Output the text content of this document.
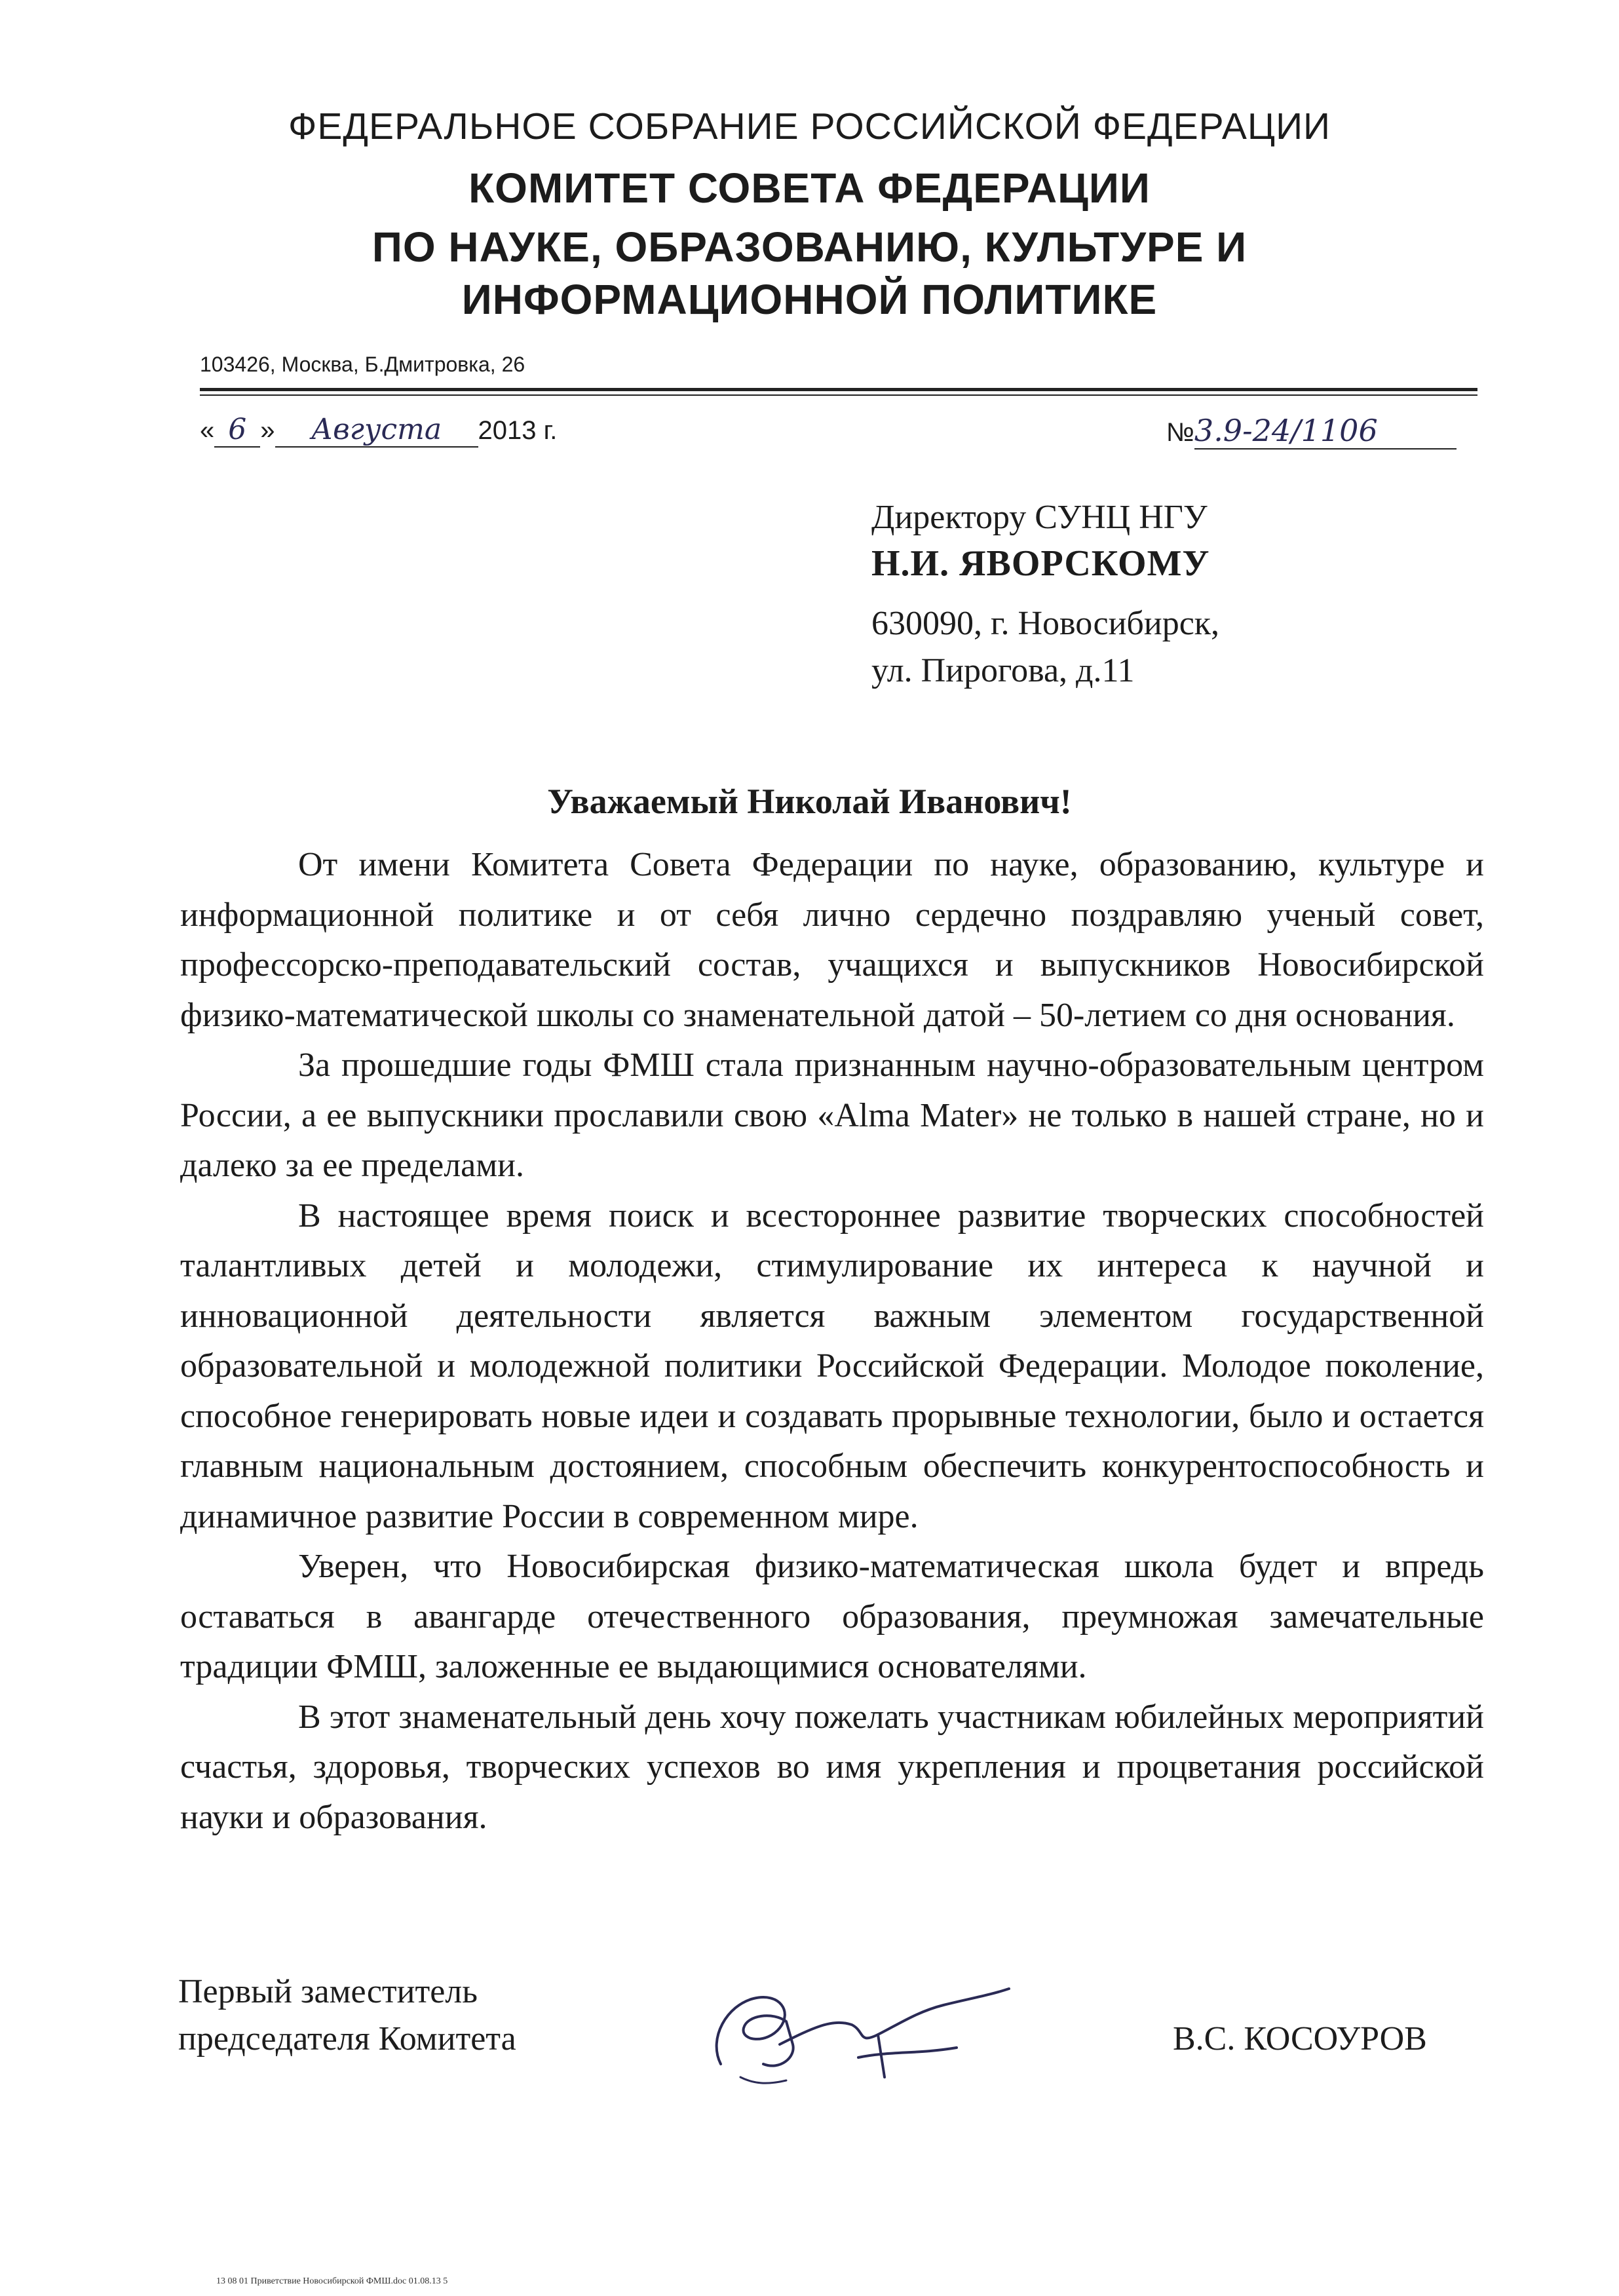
ФЕДЕРАЛЬНОЕ СОБРАНИЕ РОССИЙСКОЙ ФЕДЕРАЦИИ
КОМИТЕТ СОВЕТА ФЕДЕРАЦИИ
ПО НАУКЕ, ОБРАЗОВАНИЮ, КУЛЬТУРЕ И
ИНФОРМАЦИОННОЙ ПОЛИТИКЕ
103426, Москва, Б.Дмитровка, 26
« 6 » Августа 2013 г.	№3.9-24/1106
Директору СУНЦ НГУ
Н.И. ЯВОРСКОМУ
630090, г. Новосибирск,
ул. Пирогова, д.11
Уважаемый Николай Иванович!

От имени Комитета Совета Федерации по науке, образованию, культуре и информационной политике и от себя лично сердечно поздравляю ученый совет, профессорско-преподавательский состав, учащихся и выпускников Новосибирской физико-математической школы со знаменательной датой – 50-летием со дня основания.

За прошедшие годы ФМШ стала признанным научно-образовательным центром России, а ее выпускники прославили свою «Alma Mater» не только в нашей стране, но и далеко за ее пределами.

В настоящее время поиск и всестороннее развитие творческих способностей талантливых детей и молодежи, стимулирование их интереса к научной и инновационной деятельности является важным элементом государственной образовательной и молодежной политики Российской Федерации. Молодое поколение, способное генерировать новые идеи и создавать прорывные технологии, было и остается главным национальным достоянием, способным обеспечить конкурентоспособность и динамичное развитие России в современном мире.

Уверен, что Новосибирская физико-математическая школа будет и впредь оставаться в авангарде отечественного образования, преумножая замечательные традиции ФМШ, заложенные ее выдающимися основателями.

В этот знаменательный день хочу пожелать участникам юбилейных мероприятий счастья, здоровья, творческих успехов во имя укрепления и процветания российской науки и образования.

Первый заместитель
председателя Комитета	В.С. КОСОУРОВ
13 08 01 Приветствие Новосибирской ФМШ.doc 01.08.13 5
